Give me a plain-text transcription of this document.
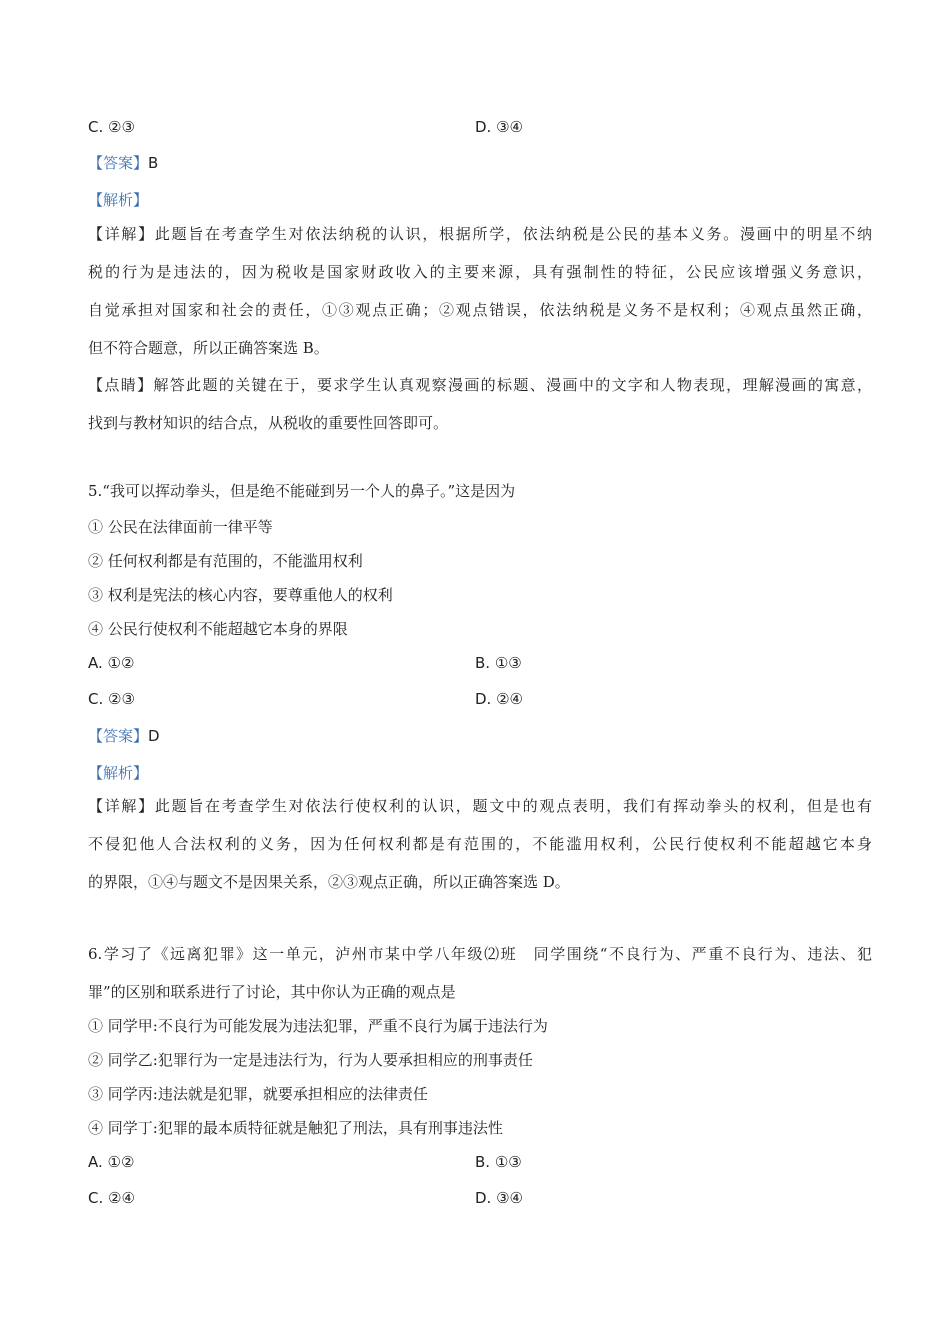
C. ②③	D. ③④
【答案】B
【解析】
【详解】此题旨在考查学生对依法纳税的认识，根据所学，依法纳税是公民的基本义务。漫画中的明星不纳
税的行为是违法的，因为税收是国家财政收入的主要来源，具有强制性的特征，公民应该增强义务意识，
自觉承担对国家和社会的责任，①③观点正确；②观点错误，依法纳税是义务不是权利；④观点虽然正确，
但不符合题意，所以正确答案选 B。
【点睛】解答此题的关键在于，要求学生认真观察漫画的标题、漫画中的文字和人物表现，理解漫画的寓意，
找到与教材知识的结合点，从税收的重要性回答即可。
5.“我可以挥动拳头，但是绝不能碰到另一个人的鼻子。”这是因为
① 公民在法律面前一律平等
② 任何权利都是有范围的，不能滥用权利
③ 权利是宪法的核心内容，要尊重他人的权利
④ 公民行使权利不能超越它本身的界限
A. ①②	B. ①③
C. ②③	D. ②④
【答案】D
【解析】
【详解】此题旨在考查学生对依法行使权利的认识，题文中的观点表明，我们有挥动拳头的权利，但是也有
不侵犯他人合法权利的义务，因为任何权利都是有范围的，不能滥用权利，公民行使权利不能超越它本身
的界限，①④与题文不是因果关系，②③观点正确，所以正确答案选 D。
6.学习了《远离犯罪》这一单元，泸州市某中学八年级⑵班　同学围绕“不良行为、严重不良行为、违法、犯
罪”的区别和联系进行了讨论，其中你认为正确的观点是
① 同学甲:不良行为可能发展为违法犯罪，严重不良行为属于违法行为
② 同学乙:犯罪行为一定是违法行为，行为人要承担相应的刑事责任
③ 同学丙:违法就是犯罪，就要承担相应的法律责任
④ 同学丁:犯罪的最本质特征就是触犯了刑法，具有刑事违法性
A. ①②	B. ①③
C. ②④	D. ③④
